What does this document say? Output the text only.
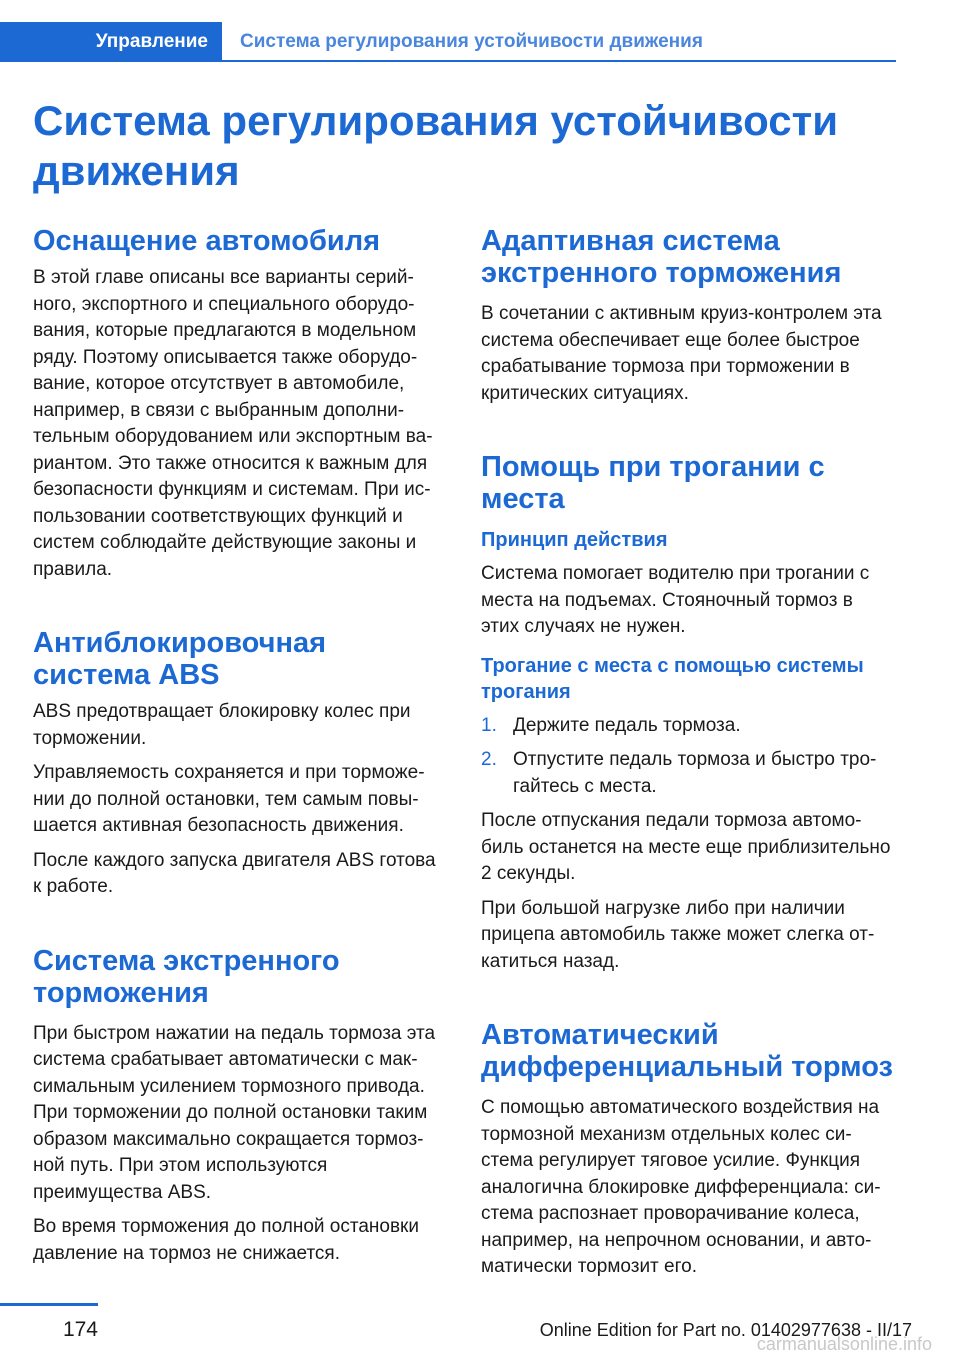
Управление	Система регулирования устойчивости движения
Система регулирования устойчивости движения
Оснащение автомобиля

В этой главе описаны все варианты серийного, экспортного и специального оборудования, которые предлагаются в модельном ряду. Поэтому описывается также оборудование, которое отсутствует в автомобиле, например, в связи с выбранным дополнительным оборудованием или экспортным вариантом. Это также относится к важным для безопасности функциям и системам. При использовании соответствующих функций и систем соблюдайте действующие законы и правила.

Антиблокировочная система ABS

ABS предотвращает блокировку колес при торможении.

Управляемость сохраняется и при торможении до полной остановки, тем самым повышается активная безопасность движения.

После каждого запуска двигателя ABS готова к работе.

Система экстренного торможения

При быстром нажатии на педаль тормоза эта система срабатывает автоматически с максимальным усилением тормозного привода. При торможении до полной остановки таким образом максимально сокращается тормозной путь. При этом используются преимущества ABS.

Во время торможения до полной остановки давление на тормоз не снижается.

Адаптивная система экстренного торможения

В сочетании с активным круиз-контролем эта система обеспечивает еще более быстрое срабатывание тормоза при торможении в критических ситуациях.

Помощь при трогании с места
Принцип действия

Система помогает водителю при трогании с места на подъемах. Стояночный тормоз в этих случаях не нужен.

Трогание с места с помощью системы трогания
1. Держите педаль тормоза.
2. Отпустите педаль тормоза и быстро трогайтесь с места.

После отпускания педали тормоза автомобиль останется на месте еще приблизительно 2 секунды.

При большой нагрузке либо при наличии прицепа автомобиль также может слегка откатиться назад.

Автоматический дифференциальный тормоз

С помощью автоматического воздействия на тормозной механизм отдельных колес система регулирует тяговое усилие. Функция аналогична блокировке дифференциала: система распознает проворачивание колеса, например, на непрочном основании, и автоматически тормозит его.

174	Online Edition for Part no. 01402977638 - II/17
carmanualsonline.info
